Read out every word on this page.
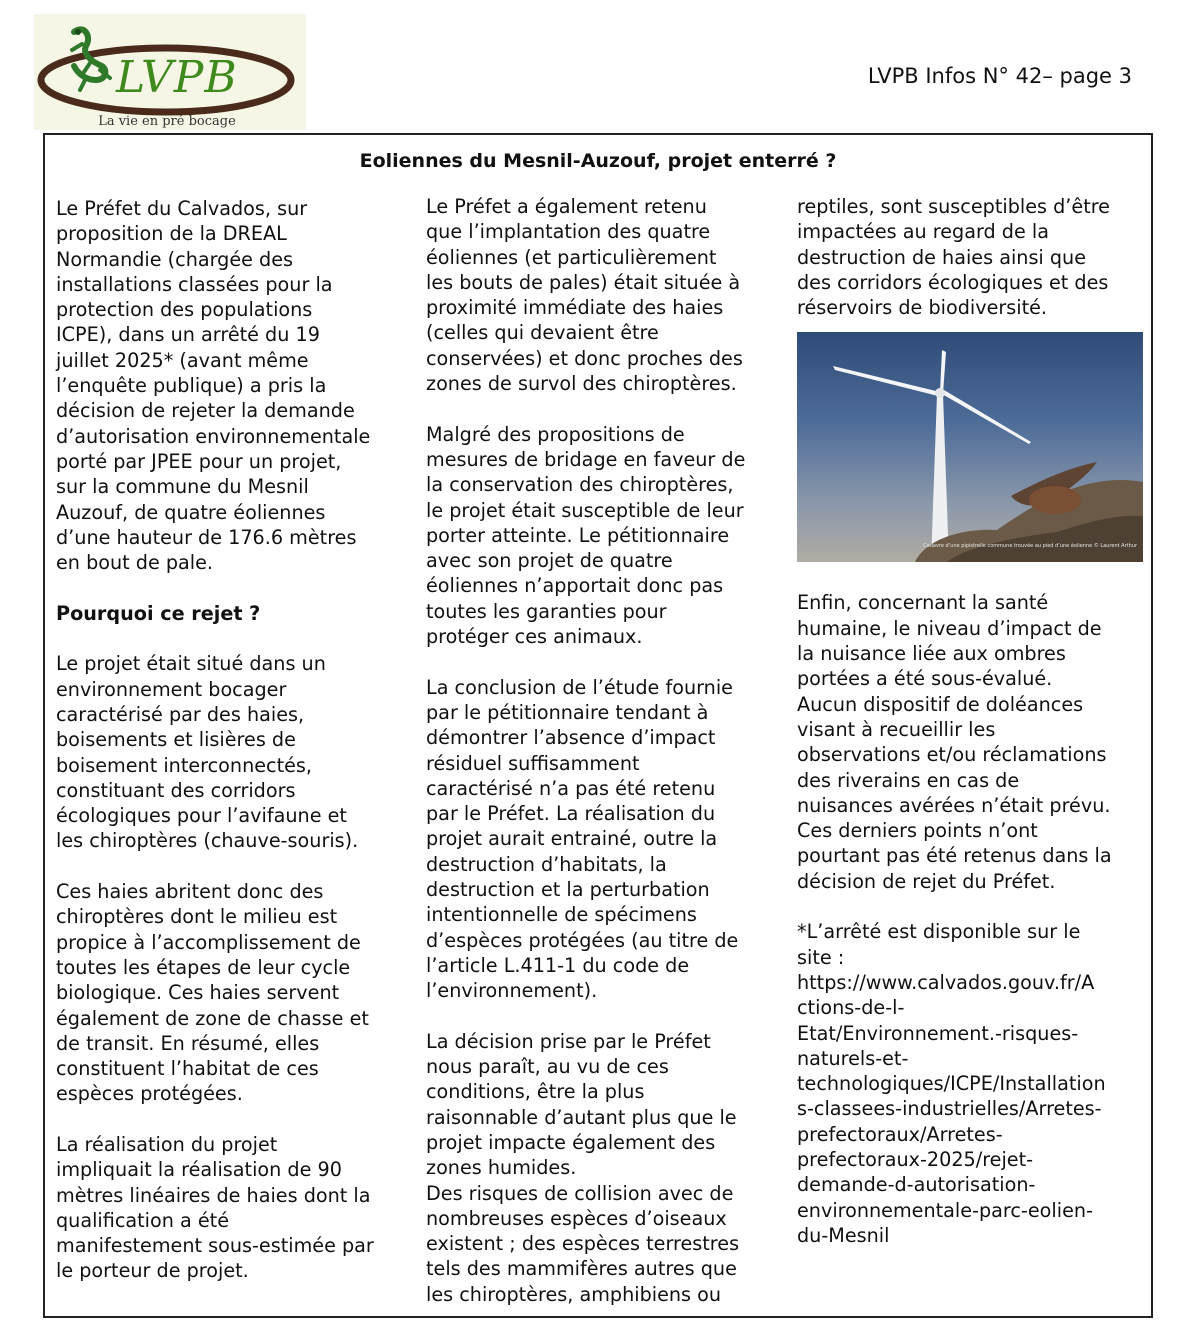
LVPB
La vie en pré bocage
LVPB Infos N° 42– page 3
Eoliennes du Mesnil-Auzouf, projet enterré ?

Le Préfet du Calvados, sur
proposition de la DREAL
Normandie (chargée des
installations classées pour la
protection des populations
ICPE), dans un arrêté du 19
juillet 2025* (avant même
l’enquête publique) a pris la
décision de rejeter la demande
d’autorisation environnementale
porté par JPEE pour un projet,
sur la commune du Mesnil
Auzouf, de quatre éoliennes
d’une hauteur de 176.6 mètres
en bout de pale.

Pourquoi ce rejet ?

Le projet était situé dans un
environnement bocager
caractérisé par des haies,
boisements et lisières de
boisement interconnectés,
constituant des corridors
écologiques pour l’avifaune et
les chiroptères (chauve-souris).

Ces haies abritent donc des
chiroptères dont le milieu est
propice à l’accomplissement de
toutes les étapes de leur cycle
biologique. Ces haies servent
également de zone de chasse et
de transit. En résumé, elles
constituent l’habitat de ces
espèces protégées.

La réalisation du projet
impliquait la réalisation de 90
mètres linéaires de haies dont la
qualification a été
manifestement sous-estimée par
le porteur de projet.

Le Préfet a également retenu
que l’implantation des quatre
éoliennes (et particulièrement
les bouts de pales) était située à
proximité immédiate des haies
(celles qui devaient être
conservées) et donc proches des
zones de survol des chiroptères.

Malgré des propositions de
mesures de bridage en faveur de
la conservation des chiroptères,
le projet était susceptible de leur
porter atteinte. Le pétitionnaire
avec son projet de quatre
éoliennes n’apportait donc pas
toutes les garanties pour
protéger ces animaux.

La conclusion de l’étude fournie
par le pétitionnaire tendant à
démontrer l’absence d’impact
résiduel suffisamment
caractérisé n’a pas été retenu
par le Préfet. La réalisation du
projet aurait entrainé, outre la
destruction d’habitats, la
destruction et la perturbation
intentionnelle de spécimens
d’espèces protégées (au titre de
l’article L.411-1 du code de
l’environnement).

La décision prise par le Préfet
nous paraît, au vu de ces
conditions, être la plus
raisonnable d’autant plus que le
projet impacte également des
zones humides.

Des risques de collision avec de
nombreuses espèces d’oiseaux
existent ; des espèces terrestres
tels des mammifères autres que
les chiroptères, amphibiens ou

reptiles, sont susceptibles d’être
impactées au regard de la
destruction de haies ainsi que
des corridors écologiques et des
réservoirs de biodiversité.

Cadavre d’une pipistrelle commune trouvée au pied d’une éolienne © Laurent Arthur

Enfin, concernant la santé
humaine, le niveau d’impact de
la nuisance liée aux ombres
portées a été sous-évalué.
Aucun dispositif de doléances
visant à recueillir les
observations et/ou réclamations
des riverains en cas de
nuisances avérées n’était prévu.
Ces derniers points n’ont
pourtant pas été retenus dans la
décision de rejet du Préfet.

*L’arrêté est disponible sur le
site :
https://www.calvados.gouv.fr/A
ctions-de-l-
Etat/Environnement.-risques-
naturels-et-
technologiques/ICPE/Installation
s-classees-industrielles/Arretes-
prefectoraux/Arretes-
prefectoraux-2025/rejet-
demande-d-autorisation-
environnementale-parc-eolien-
du-Mesnil
